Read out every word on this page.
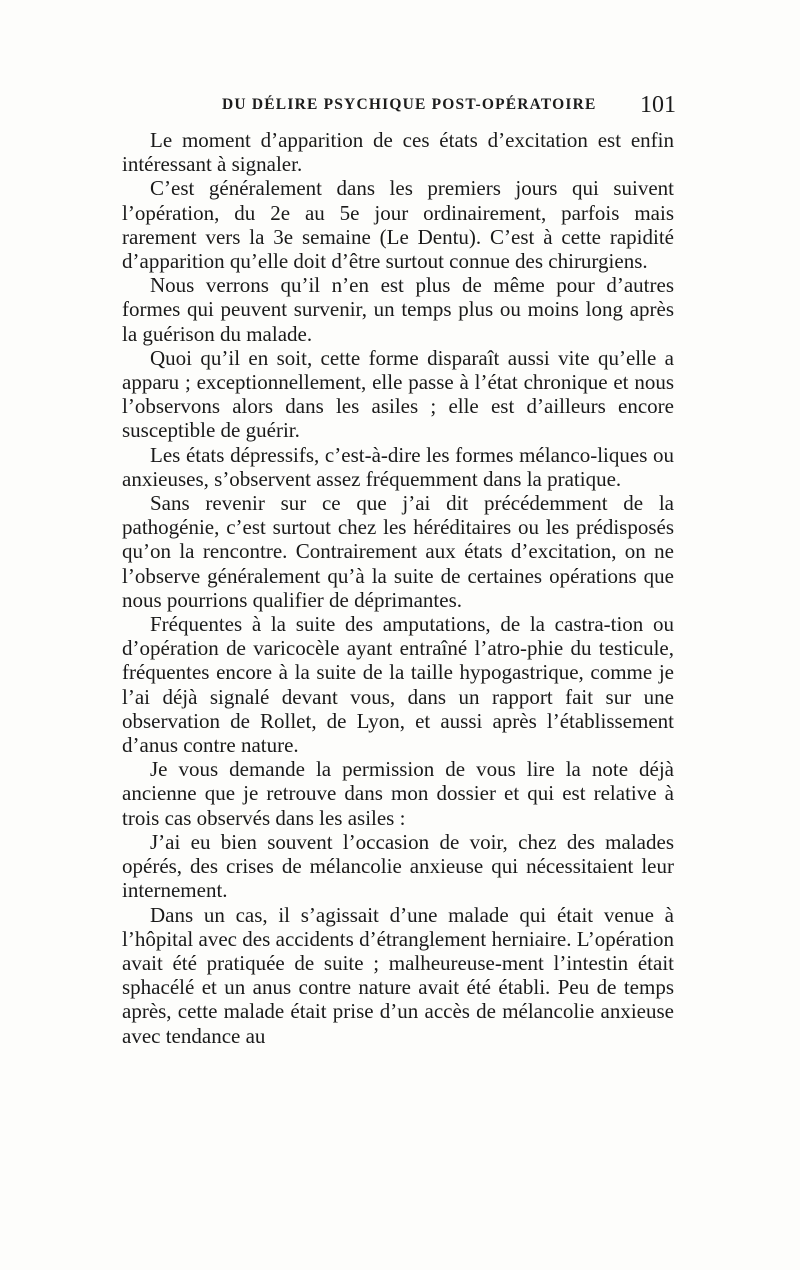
DU DÉLIRE PSYCHIQUE POST-OPÉRATOIRE 101

Le moment d’apparition de ces états d’excitation est enfin intéressant à signaler.

C’est généralement dans les premiers jours qui suivent l’opération, du 2e au 5e jour ordinairement, parfois mais rarement vers la 3e semaine (Le Dentu). C’est à cette rapidité d’apparition qu’elle doit d’être surtout connue des chirurgiens.

Nous verrons qu’il n’en est plus de même pour d’autres formes qui peuvent survenir, un temps plus ou moins long après la guérison du malade.

Quoi qu’il en soit, cette forme disparaît aussi vite qu’elle a apparu ; exceptionnellement, elle passe à l’état chronique et nous l’observons alors dans les asiles ; elle est d’ailleurs encore susceptible de guérir.

Les états dépressifs, c’est-à-dire les formes mélanco-liques ou anxieuses, s’observent assez fréquemment dans la pratique.

Sans revenir sur ce que j’ai dit précédemment de la pathogénie, c’est surtout chez les héréditaires ou les prédisposés qu’on la rencontre. Contrairement aux états d’excitation, on ne l’observe généralement qu’à la suite de certaines opérations que nous pourrions qualifier de déprimantes.

Fréquentes à la suite des amputations, de la castra-tion ou d’opération de varicocèle ayant entraîné l’atro-phie du testicule, fréquentes encore à la suite de la taille hypogastrique, comme je l’ai déjà signalé devant vous, dans un rapport fait sur une observation de Rollet, de Lyon, et aussi après l’établissement d’anus contre nature.

Je vous demande la permission de vous lire la note déjà ancienne que je retrouve dans mon dossier et qui est relative à trois cas observés dans les asiles :

J’ai eu bien souvent l’occasion de voir, chez des malades opérés, des crises de mélancolie anxieuse qui nécessitaient leur internement.

Dans un cas, il s’agissait d’une malade qui était venue à l’hôpital avec des accidents d’étranglement herniaire. L’opération avait été pratiquée de suite ; malheureuse-ment l’intestin était sphacélé et un anus contre nature avait été établi. Peu de temps après, cette malade était prise d’un accès de mélancolie anxieuse avec tendance au
